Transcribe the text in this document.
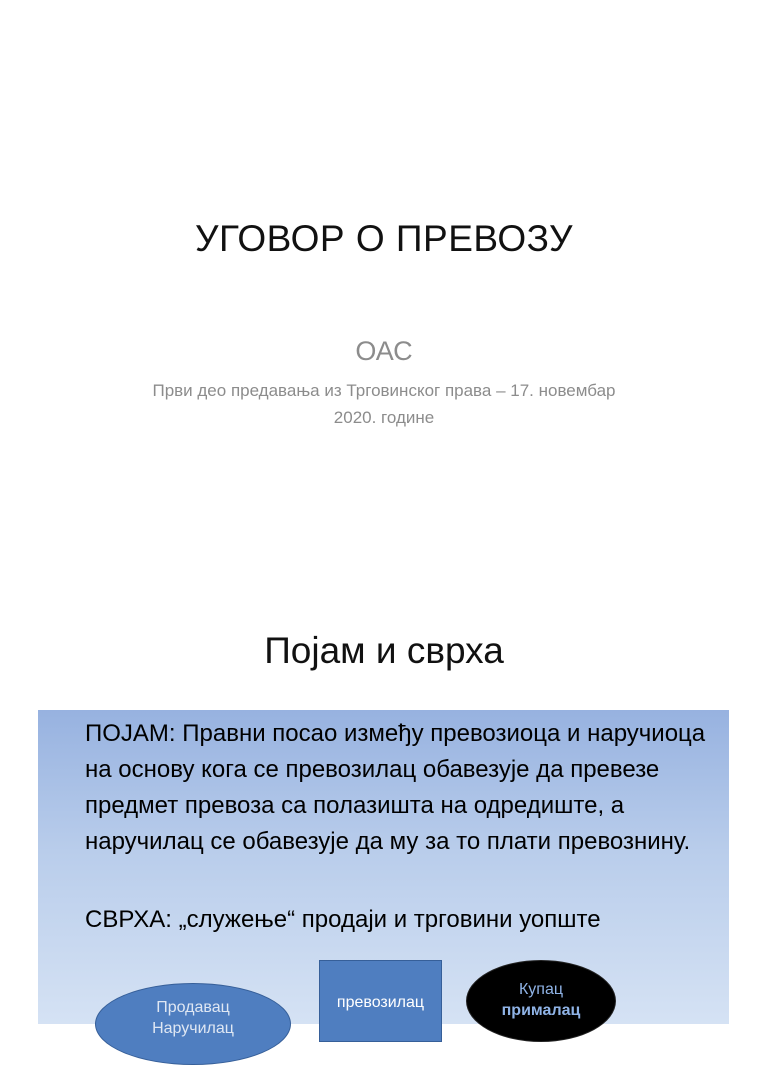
УГОВОР О ПРЕВОЗУ
ОАС
Први део предавања из Трговинског права – 17. новембар 2020. године
Појам и сврха
ПОЈАМ: Правни посао између превозиоца и наручиоца на основу кога се превозилац обавезује да превезе предмет превоза са полазишта на одредиште, а наручилац се обавезује да му за то плати превознину.
СВРХА: „служење“ продаји и трговини уопште
Продавац
Наручилац
превозилац
Купац
прималац
